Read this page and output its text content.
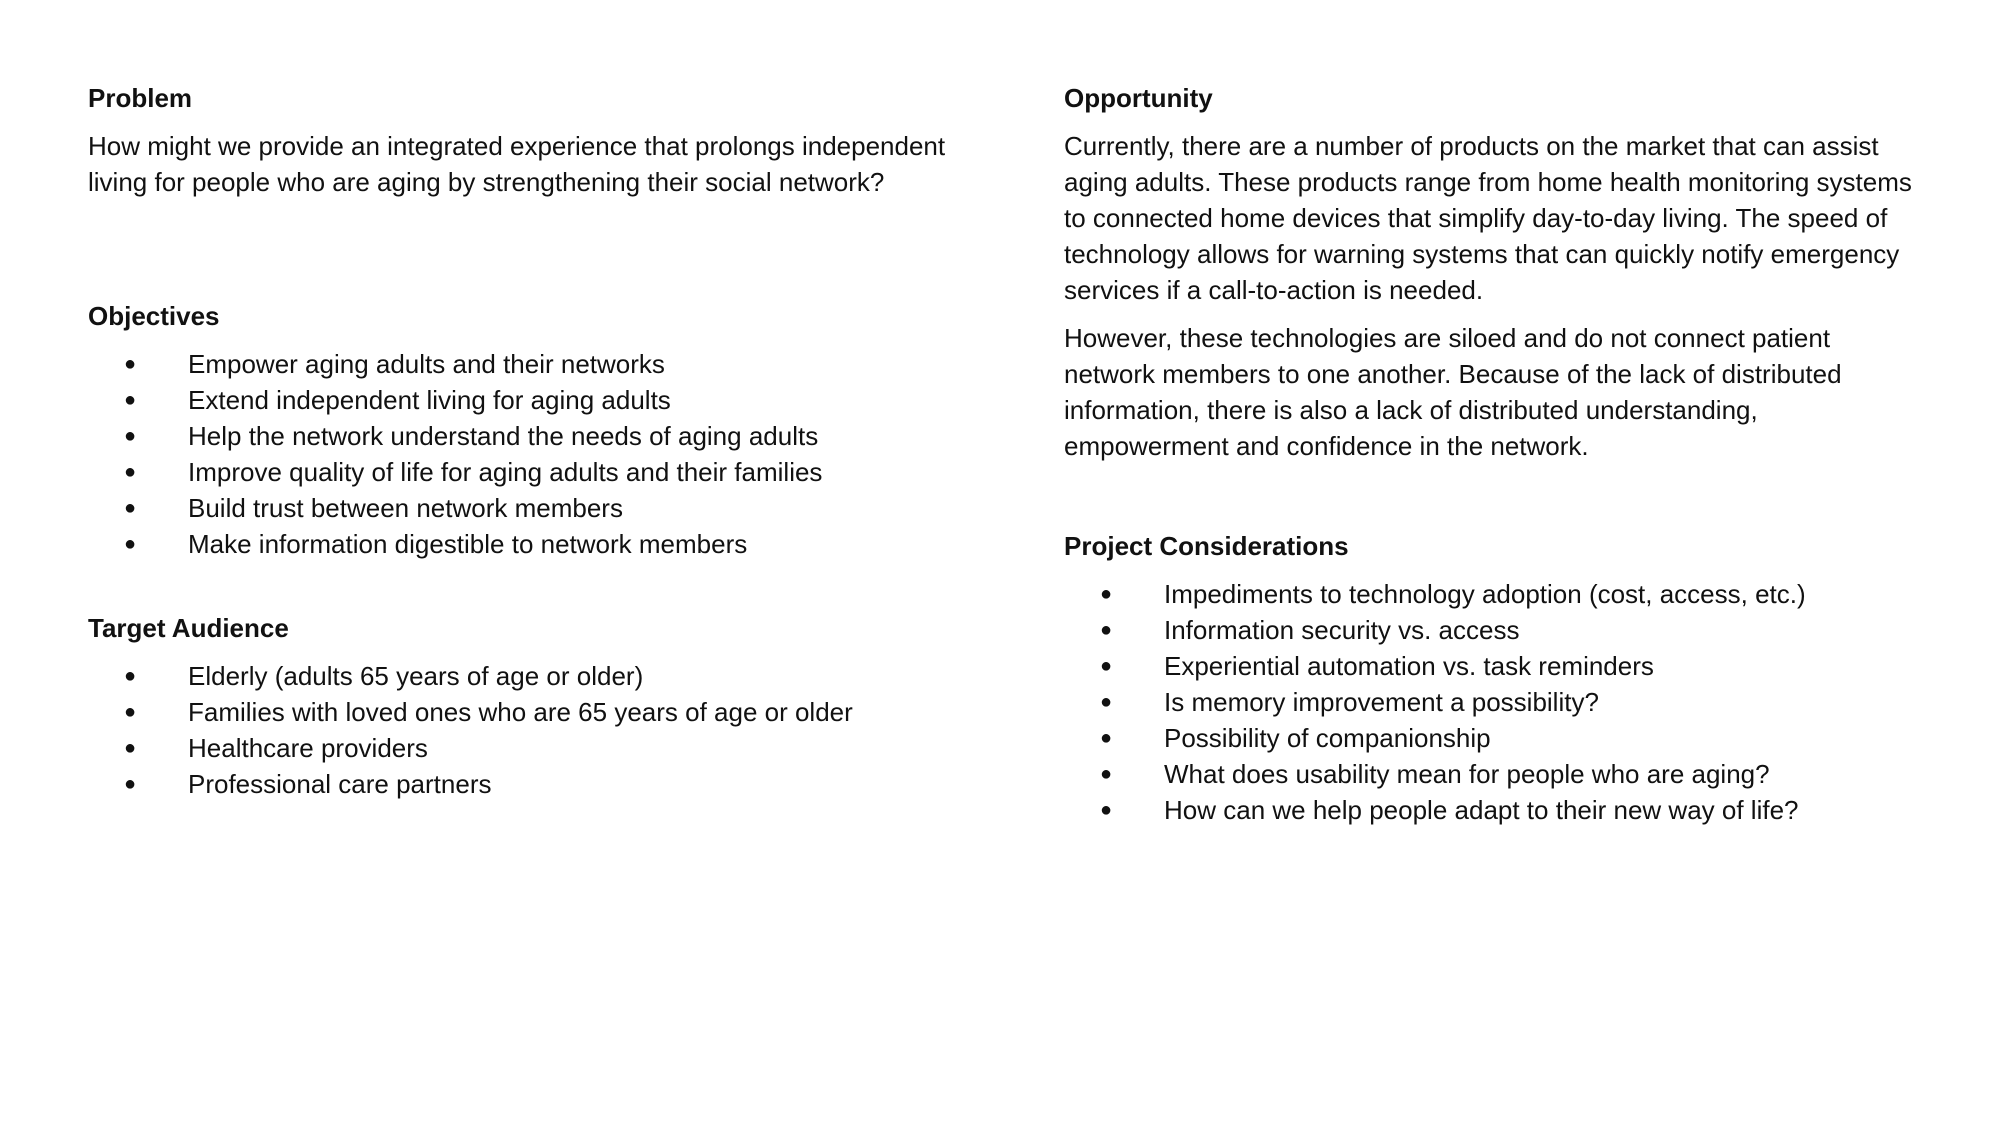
Problem

How might we provide an integrated experience that prolongs independent living for people who are aging by strengthening their social network?

Objectives
● Empower aging adults and their networks
● Extend independent living for aging adults
● Help the network understand the needs of aging adults
● Improve quality of life for aging adults and their families
● Build trust between network members
● Make information digestible to network members
Target Audience
● Elderly (adults 65 years of age or older)
● Families with loved ones who are 65 years of age or older
● Healthcare providers
● Professional care partners
Opportunity

Currently, there are a number of products on the market that can assist aging adults. These products range from home health monitoring systems to connected home devices that simplify day-to-day living. The speed of technology allows for warning systems that can quickly notify emergency services if a call-to-action is needed.

However, these technologies are siloed and do not connect patient network members to one another. Because of the lack of distributed information, there is also a lack of distributed understanding, empowerment and confidence in the network.

Project Considerations
● Impediments to technology adoption (cost, access, etc.)
● Information security vs. access
● Experiential automation vs. task reminders
● Is memory improvement a possibility?
● Possibility of companionship
● What does usability mean for people who are aging?
● How can we help people adapt to their new way of life?
